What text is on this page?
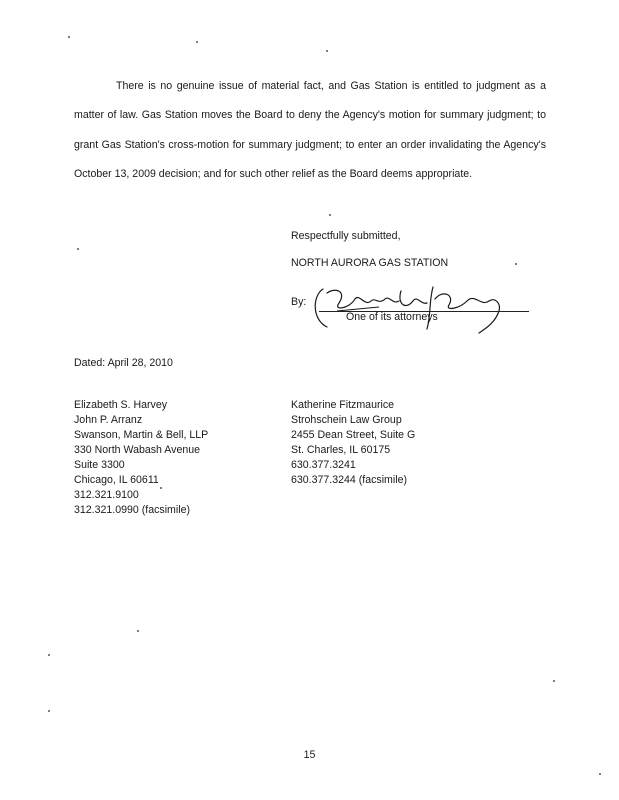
There is no genuine issue of material fact, and Gas Station is entitled to judgment as a matter of law. Gas Station moves the Board to deny the Agency's motion for summary judgment; to grant Gas Station's cross-motion for summary judgment; to enter an order invalidating the Agency's October 13, 2009 decision; and for such other relief as the Board deems appropriate.

Respectfully submitted,
NORTH AURORA GAS STATION
By:
One of its attorneys
Dated: April 28, 2010
Elizabeth S. Harvey
John P. Arranz
Swanson, Martin & Bell, LLP
330 North Wabash Avenue
Suite 3300
Chicago, IL 60611
312.321.9100
312.321.0990 (facsimile)
Katherine Fitzmaurice
Strohschein Law Group
2455 Dean Street, Suite G
St. Charles, IL 60175
630.377.3241
630.377.3244 (facsimile)
15
